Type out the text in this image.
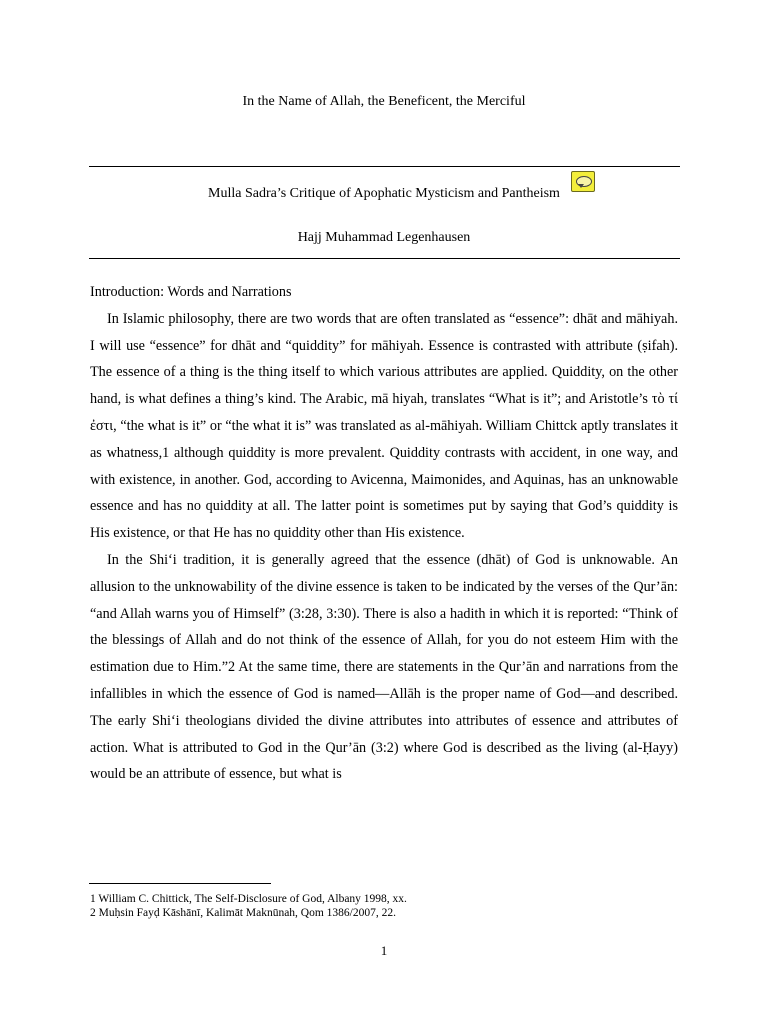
In the Name of Allah, the Beneficent, the Merciful
Mulla Sadra’s Critique of Apophatic Mysticism and Pantheism
Hajj Muhammad Legenhausen

Introduction: Words and Narrations

In Islamic philosophy, there are two words that are often translated as “essence”: dhāt and māhiyah. I will use “essence” for dhāt and “quiddity” for māhiyah. Essence is contrasted with attribute (ṣifah). The essence of a thing is the thing itself to which various attributes are applied. Quiddity, on the other hand, is what defines a thing’s kind. The Arabic, mā hiyah, translates “What is it”; and Aristotle’s τὸ τί ἐστι, “the what is it” or “the what it is” was translated as al-māhiyah. William Chittck aptly translates it as whatness,1 although quiddity is more prevalent. Quiddity contrasts with accident, in one way, and with existence, in another. God, according to Avicenna, Maimonides, and Aquinas, has an unknowable essence and has no quiddity at all. The latter point is sometimes put by saying that God’s quiddity is His existence, or that He has no quiddity other than His existence.

In the Shi‘i tradition, it is generally agreed that the essence (dhāt) of God is unknowable. An allusion to the unknowability of the divine essence is taken to be indicated by the verses of the Qur’ān: “and Allah warns you of Himself” (3:28, 3:30). There is also a hadith in which it is reported: “Think of the blessings of Allah and do not think of the essence of Allah, for you do not esteem Him with the estimation due to Him.”2 At the same time, there are statements in the Qur’ān and narrations from the infallibles in which the essence of God is named—Allāh is the proper name of God—and described. The early Shi‘i theologians divided the divine attributes into attributes of essence and attributes of action. What is attributed to God in the Qur’ān (3:2) where God is described as the living (al-Ḥayy) would be an attribute of essence, but what is

1 William C. Chittick, The Self-Disclosure of God, Albany 1998, xx.

2 Muḥsin Fayḍ Kāshānī, Kalimāt Maknūnah, Qom 1386/2007, 22.

1
